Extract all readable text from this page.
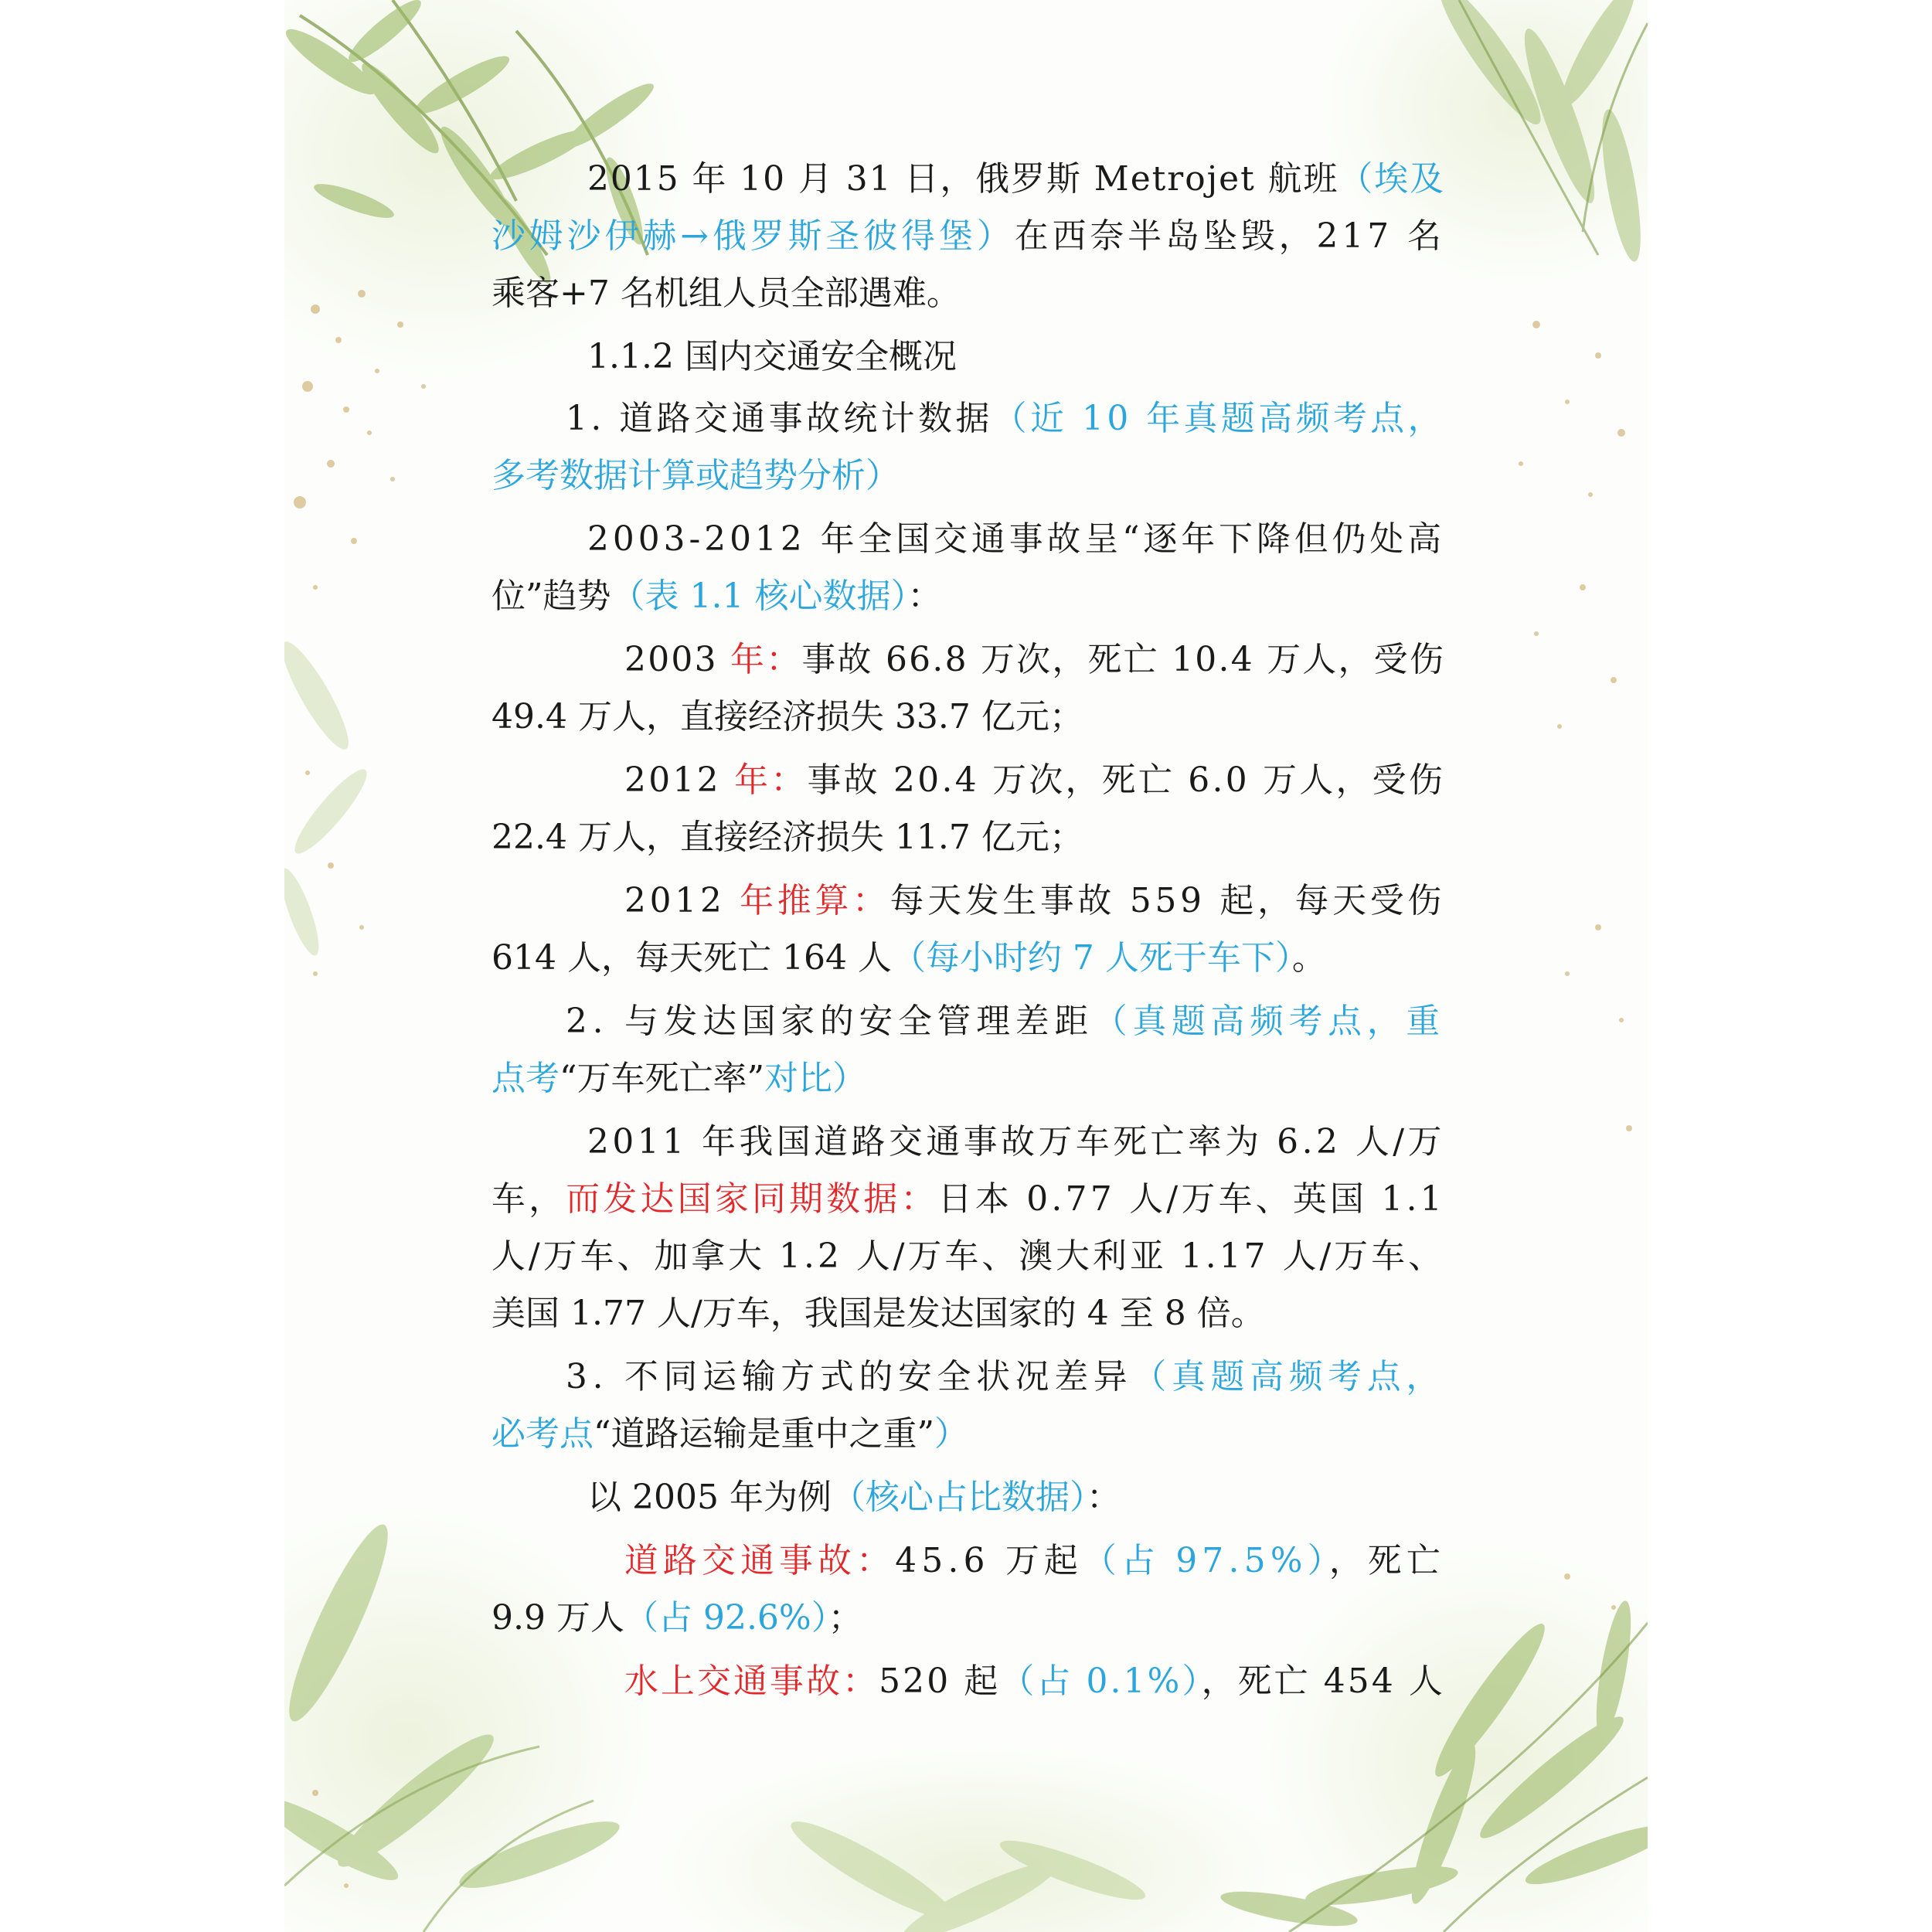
2015 年 10 月 31 日，俄罗斯 Metrojet 航班（埃及
沙姆沙伊赫→俄罗斯圣彼得堡）在西奈半岛坠毁，217 名
乘客+7 名机组人员全部遇难。
1.1.2 国内交通安全概况
1. 道路交通事故统计数据（近 10 年真题高频考点，
多考数据计算或趋势分析）
2003-2012 年全国交通事故呈“逐年下降但仍处高
位”趋势（表 1.1 核心数据）：
2003 年：事故 66.8 万次，死亡 10.4 万人，受伤
49.4 万人，直接经济损失 33.7 亿元；
2012 年：事故 20.4 万次，死亡 6.0 万人，受伤
22.4 万人，直接经济损失 11.7 亿元；
2012 年推算：每天发生事故 559 起，每天受伤
614 人，每天死亡 164 人（每小时约 7 人死于车下）。
2. 与发达国家的安全管理差距（真题高频考点，重
点考“万车死亡率”对比）
2011 年我国道路交通事故万车死亡率为 6.2 人/万
车，而发达国家同期数据：日本 0.77 人/万车、英国 1.1
人/万车、加拿大 1.2 人/万车、澳大利亚 1.17 人/万车、
美国 1.77 人/万车，我国是发达国家的 4 至 8 倍。
3. 不同运输方式的安全状况差异（真题高频考点，
必考点“道路运输是重中之重”）
以 2005 年为例（核心占比数据）：
道路交通事故：45.6 万起（占 97.5%），死亡
9.9 万人（占 92.6%）；
水上交通事故：520 起（占 0.1%），死亡 454 人
